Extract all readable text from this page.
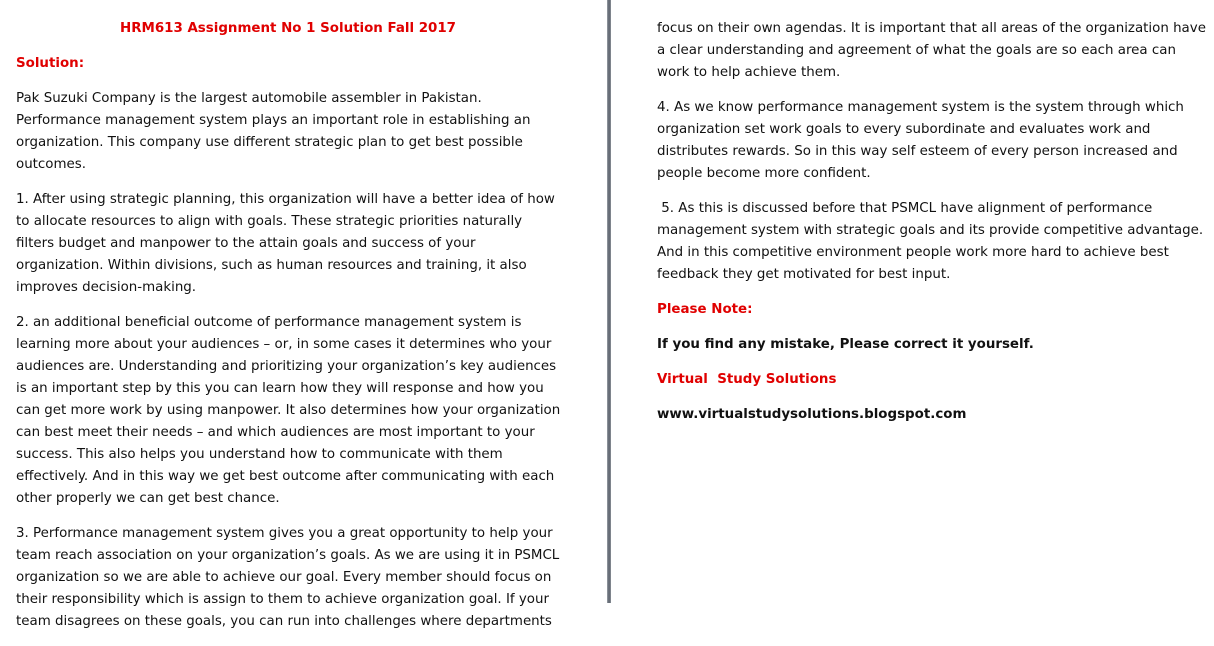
HRM613 Assignment No 1 Solution Fall 2017
Solution:

Pak Suzuki Company is the largest automobile assembler in Pakistan. Performance management system plays an important role in establishing an organization. This company use different strategic plan to get best possible outcomes.

1. After using strategic planning, this organization will have a better idea of how to allocate resources to align with goals. These strategic priorities naturally filters budget and manpower to the attain goals and success of your organization. Within divisions, such as human resources and training, it also improves decision-making.

2. an additional beneficial outcome of performance management system is learning more about your audiences – or, in some cases it determines who your audiences are. Understanding and prioritizing your organization’s key audiences is an important step by this you can learn how they will response and how you can get more work by using manpower. It also determines how your organization can best meet their needs – and which audiences are most important to your success. This also helps you understand how to communicate with them effectively. And in this way we get best outcome after communicating with each other properly we can get best chance.

3. Performance management system gives you a great opportunity to help your team reach association on your organization’s goals. As we are using it in PSMCL organization so we are able to achieve our goal. Every member should focus on their responsibility which is assign to them to achieve organization goal. If your team disagrees on these goals, you can run into challenges where departments

focus on their own agendas. It is important that all areas of the organization have a clear understanding and agreement of what the goals are so each area can work to help achieve them.

4. As we know performance management system is the system through which organization set work goals to every subordinate and evaluates work and distributes rewards. So in this way self esteem of every person increased and people become more confident.

5. As this is discussed before that PSMCL have alignment of performance management system with strategic goals and its provide competitive advantage. And in this competitive environment people work more hard to achieve best feedback they get motivated for best input.

Please Note:
If you find any mistake, Please correct it yourself.
Virtual  Study Solutions
www.virtualstudysolutions.blogspot.com
